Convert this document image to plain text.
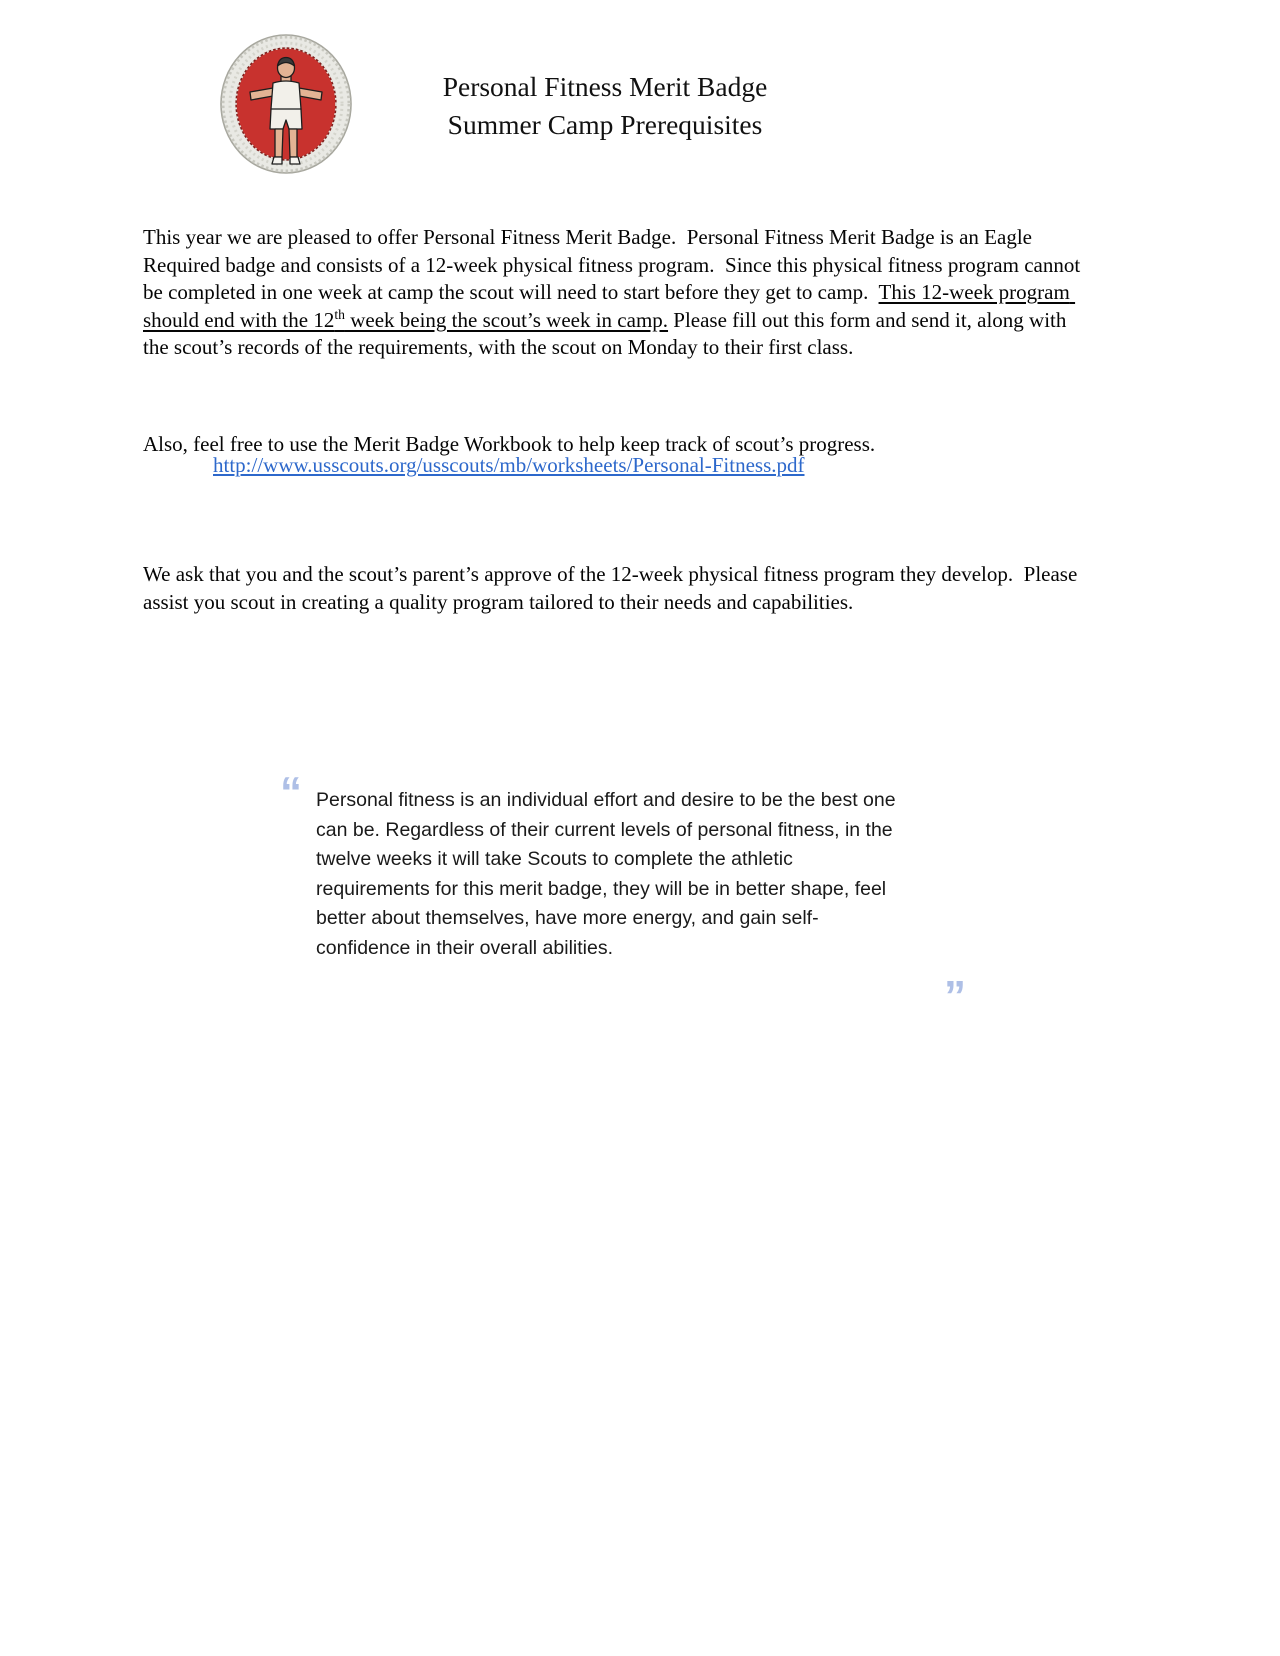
Personal Fitness Merit Badge
Summer Camp Prerequisites

This year we are pleased to offer Personal Fitness Merit Badge.  Personal Fitness Merit Badge is an Eagle Required badge and consists of a 12-week physical fitness program.  Since this physical fitness program cannot be completed in one week at camp the scout will need to start before they get to camp.  This 12-week program should end with the 12th week being the scout’s week in camp. Please fill out this form and send it, along with the scout’s records of the requirements, with the scout on Monday to their first class.

Also, feel free to use the Merit Badge Workbook to help keep track of scout’s progress.

http://www.usscouts.org/usscouts/mb/worksheets/Personal-Fitness.pdf

We ask that you and the scout’s parent’s approve of the 12-week physical fitness program they develop.  Please assist you scout in creating a quality program tailored to their needs and capabilities.

“ Personal fitness is an individual effort and desire to be the best one can be. Regardless of their current levels of personal fitness, in the twelve weeks it will take Scouts to complete the athletic requirements for this merit badge, they will be in better shape, feel better about themselves, have more energy, and gain self-confidence in their overall abilities.
”
